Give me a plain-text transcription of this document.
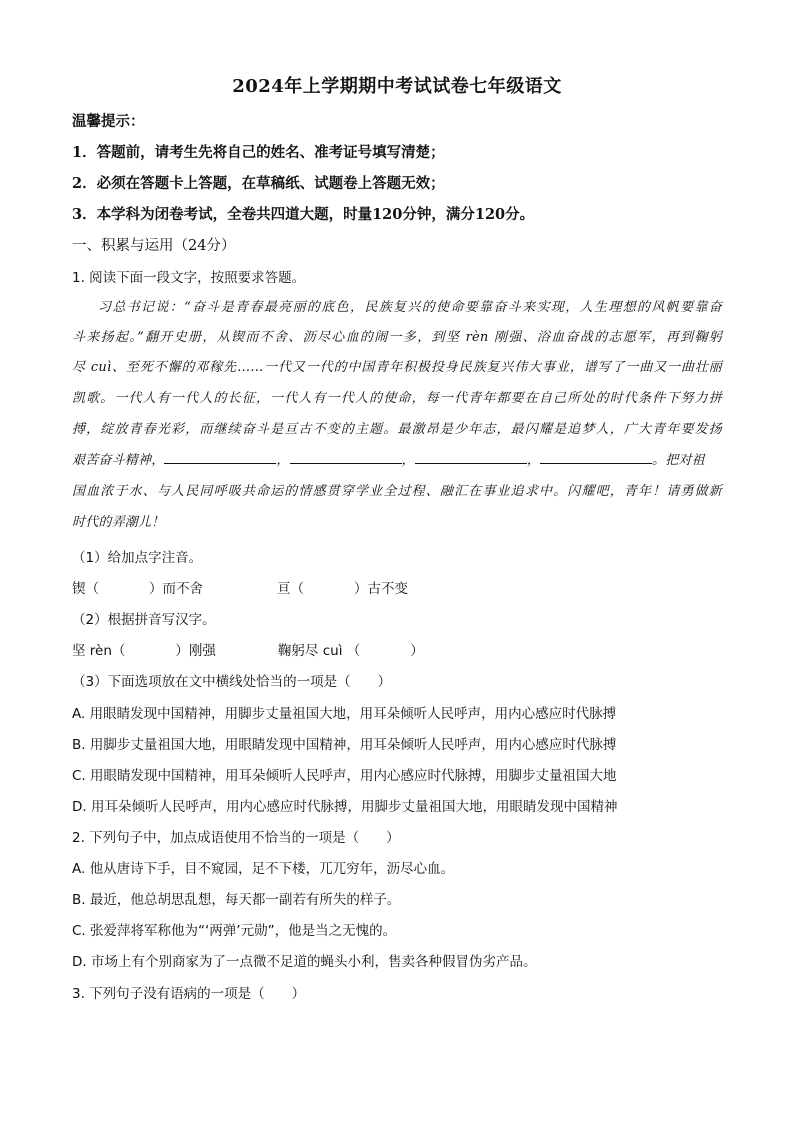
2024年上学期期中考试试卷七年级语文
温馨提示：
1．答题前，请考生先将自己的姓名、准考证号填写清楚；
2．必须在答题卡上答题，在草稿纸、试题卷上答题无效；
3．本学科为闭卷考试，全卷共四道大题，时量120分钟，满分120分。
一、积累与运用（24分）
1. 阅读下面一段文字，按照要求答题。
习总书记说：“奋斗是青春最亮丽的底色，民族复兴的使命要靠奋斗来实现，人生理想的风帆要靠奋
斗来扬起。”翻开史册，从锲而不舍、沥尽心血的闹一多，到坚 rèn 刚强、浴血奋战的志愿军，再到鞠躬
尽 cuì、至死不懈的邓稼先……一代又一代的中国青年积极投身民族复兴伟大事业，谱写了一曲又一曲壮丽
凯歌。一代人有一代人的长征，一代人有一代人的使命，每一代青年都要在自己所处的时代条件下努力拼
搏，绽放青春光彩，而继续奋斗是亘古不变的主题。最激昂是少年志，最闪耀是追梦人，广大青年要发扬
艰苦奋斗精神，	，	，	，	。把对祖
国血浓于水、与人民同呼吸共命运的情感贯穿学业全过程、融汇在事业追求中。闪耀吧，青年！请勇做新
时代的弄潮儿！
（1）给加点字注音。
锲（	）而不舍	亘（	）古不变
（2）根据拼音写汉字。
坚 rèn（	）刚强	鞠躬尽 cuì （	）
（3）下面选项放在文中横线处恰当的一项是（　　）
A. 用眼睛发现中国精神，用脚步丈量祖国大地，用耳朵倾听人民呼声，用内心感应时代脉搏
B. 用脚步丈量祖国大地，用眼睛发现中国精神，用耳朵倾听人民呼声，用内心感应时代脉搏
C. 用眼睛发现中国精神，用耳朵倾听人民呼声，用内心感应时代脉搏，用脚步丈量祖国大地
D. 用耳朵倾听人民呼声，用内心感应时代脉搏，用脚步丈量祖国大地，用眼睛发现中国精神
2. 下列句子中，加点成语使用不恰当的一项是（　　）
A. 他从唐诗下手，目不窥园，足不下楼，兀兀穷年，沥尽心血。
B. 最近，他总胡思乱想，每天都一副若有所失的样子。
C. 张爱萍将军称他为“‘两弹’元勋”，他是当之无愧的。
D. 市场上有个别商家为了一点微不足道的蝇头小利，售卖各种假冒伪劣产品。
3. 下列句子没有语病的一项是（　　）
